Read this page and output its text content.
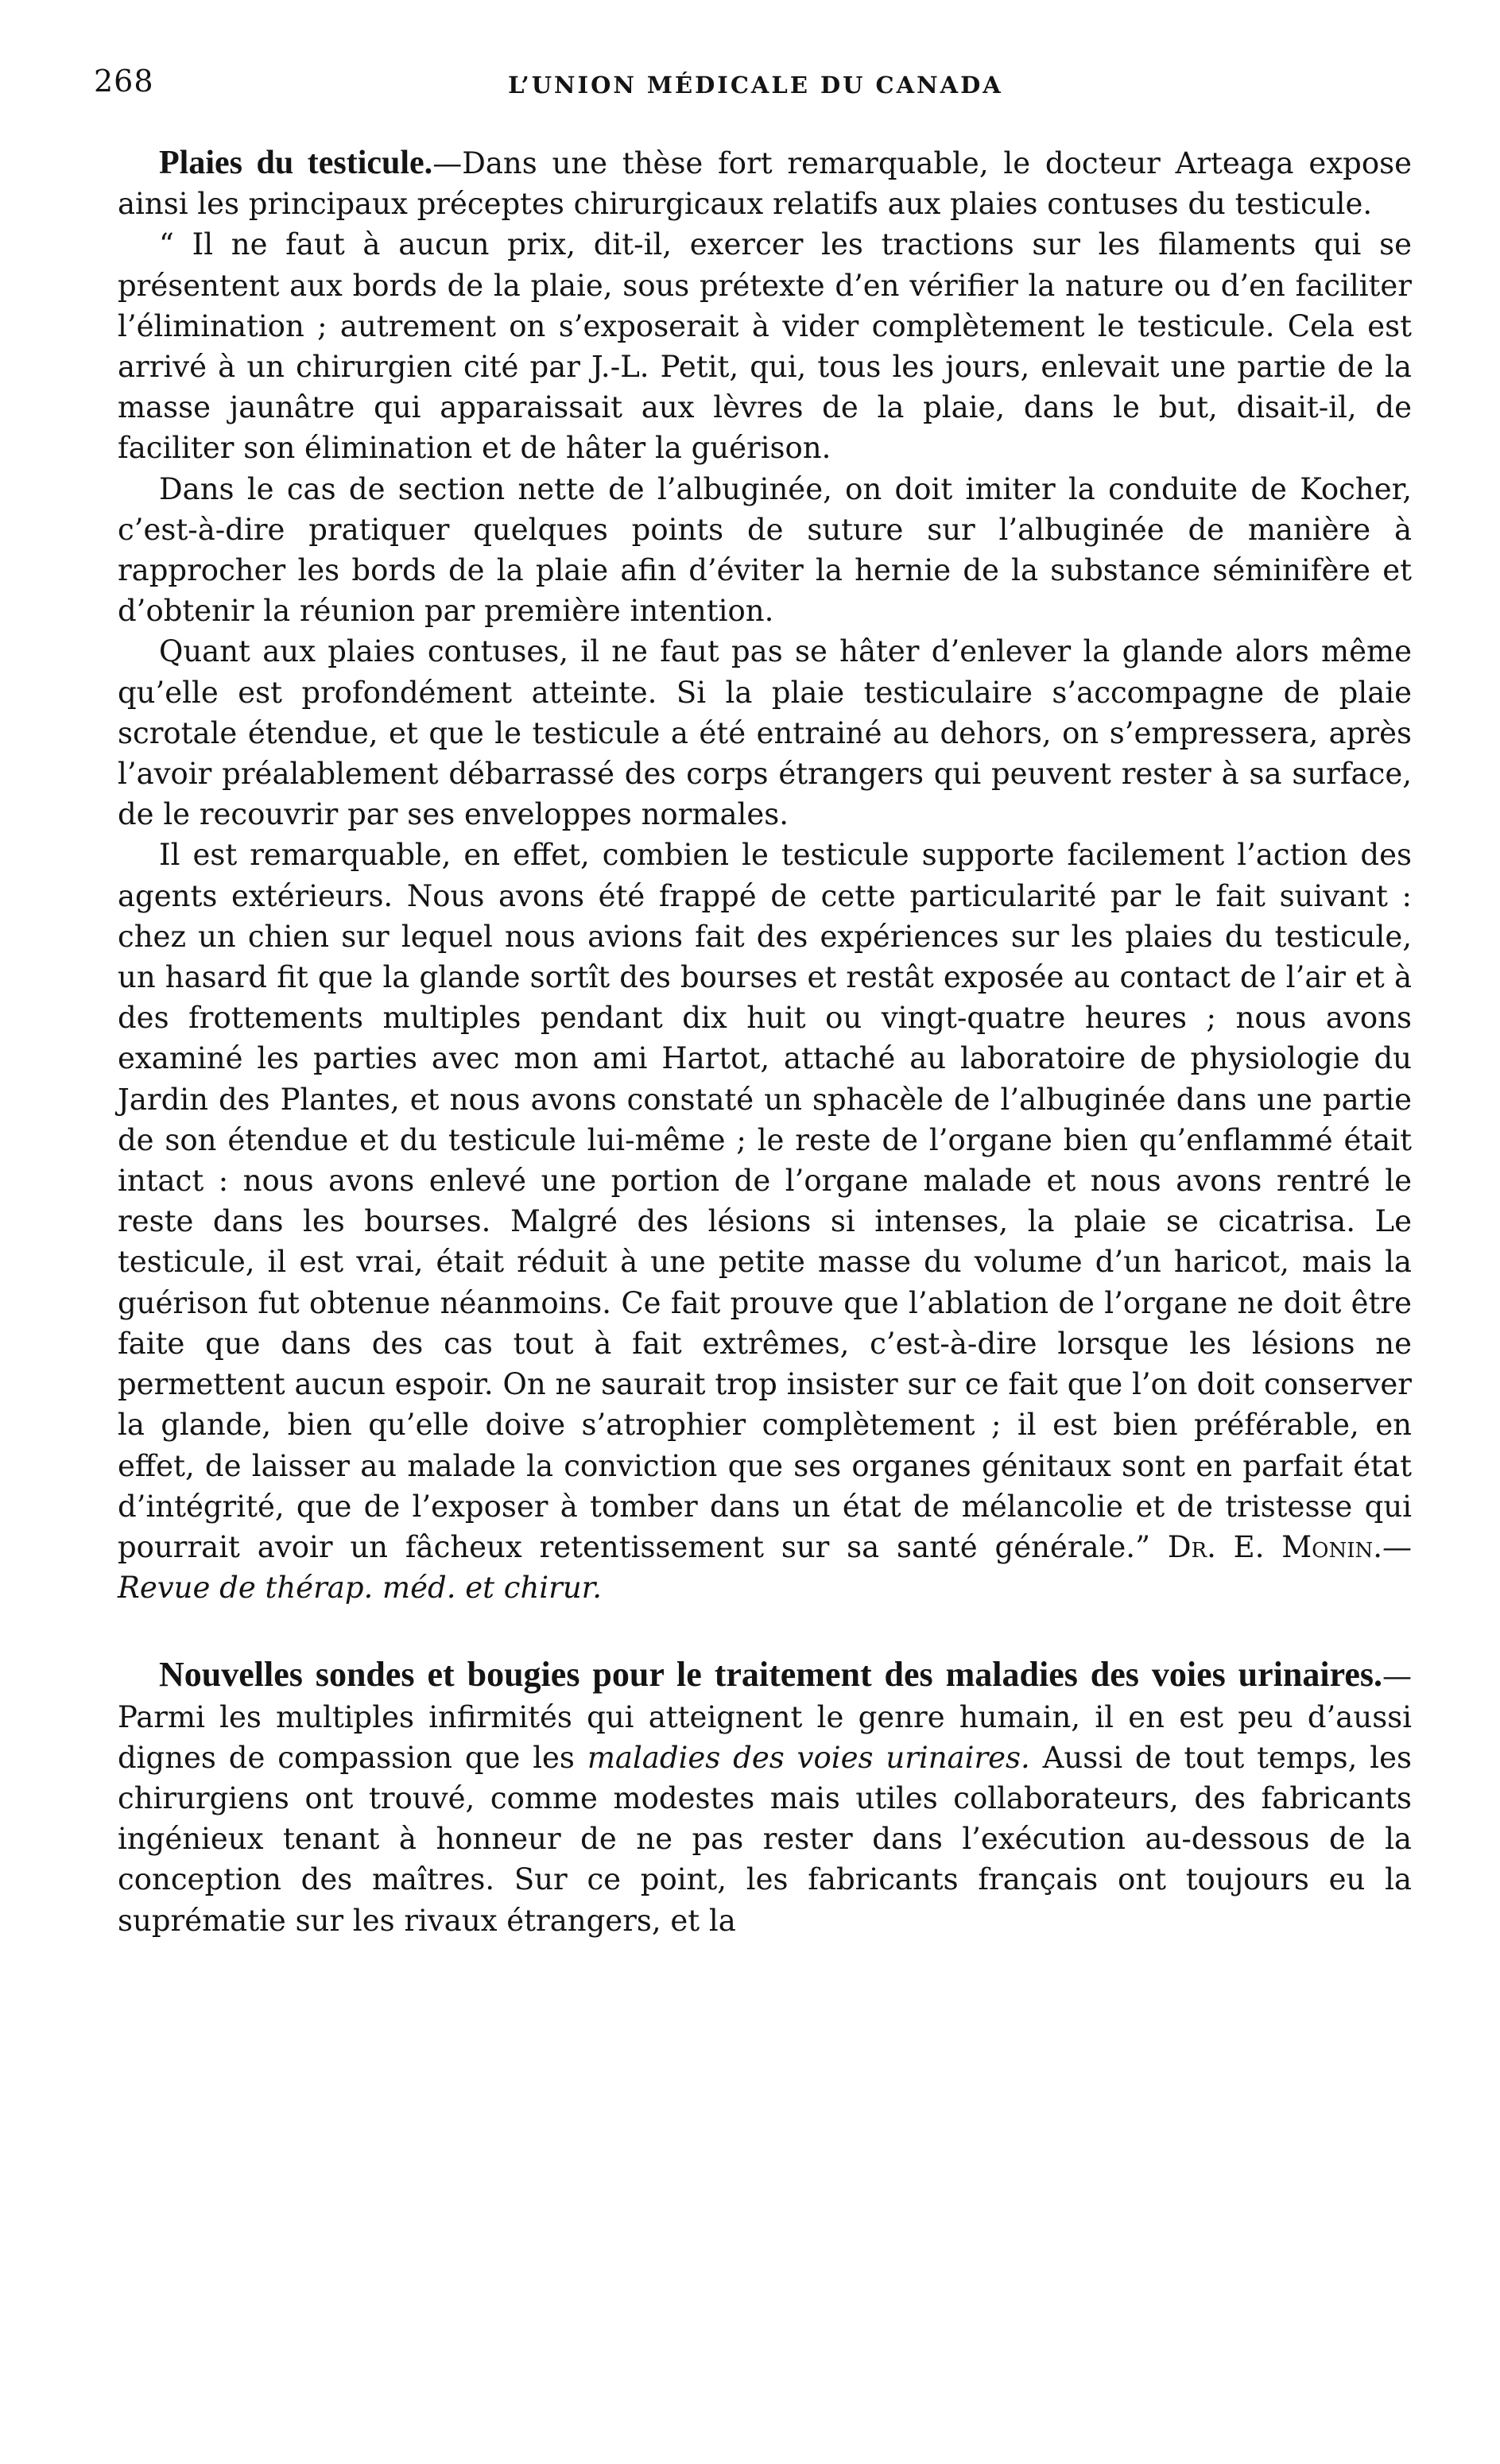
268	L’UNION MÉDICALE DU CANADA

Plaies du testicule.—Dans une thèse fort remarquable, le docteur Arteaga expose ainsi les principaux préceptes chirurgicaux relatifs aux plaies contuses du testicule.

“ Il ne faut à aucun prix, dit-il, exercer les tractions sur les filaments qui se présentent aux bords de la plaie, sous prétexte d’en vérifier la nature ou d’en faciliter l’élimination ; autrement on s’exposerait à vider complètement le testicule. Cela est arrivé à un chirurgien cité par J.-L. Petit, qui, tous les jours, enlevait une partie de la masse jaunâtre qui apparaissait aux lèvres de la plaie, dans le but, disait-il, de faciliter son élimination et de hâter la guérison.

Dans le cas de section nette de l’albuginée, on doit imiter la conduite de Kocher, c’est-à-dire pratiquer quelques points de suture sur l’albuginée de manière à rapprocher les bords de la plaie afin d’éviter la hernie de la substance séminifère et d’obtenir la réunion par première intention.

Quant aux plaies contuses, il ne faut pas se hâter d’enlever la glande alors même qu’elle est profondément atteinte. Si la plaie testiculaire s’accompagne de plaie scrotale étendue, et que le testicule a été entrainé au dehors, on s’empressera, après l’avoir préalablement débarrassé des corps étrangers qui peuvent rester à sa surface, de le recouvrir par ses enveloppes normales.

Il est remarquable, en effet, combien le testicule supporte facilement l’action des agents extérieurs. Nous avons été frappé de cette particularité par le fait suivant : chez un chien sur lequel nous avions fait des expériences sur les plaies du testicule, un hasard fit que la glande sortît des bourses et restât exposée au contact de l’air et à des frottements multiples pendant dix huit ou vingt-quatre heures ; nous avons examiné les parties avec mon ami Hartot, attaché au laboratoire de physiologie du Jardin des Plantes, et nous avons constaté un sphacèle de l’albuginée dans une partie de son étendue et du testicule lui-même ; le reste de l’organe bien qu’enflammé était intact : nous avons enlevé une portion de l’organe malade et nous avons rentré le reste dans les bourses. Malgré des lésions si intenses, la plaie se cicatrisa. Le testicule, il est vrai, était réduit à une petite masse du volume d’un haricot, mais la guérison fut obtenue néanmoins. Ce fait prouve que l’ablation de l’organe ne doit être faite que dans des cas tout à fait extrêmes, c’est-à-dire lorsque les lésions ne permettent aucun espoir. On ne saurait trop insister sur ce fait que l’on doit conserver la glande, bien qu’elle doive s’atrophier complètement ; il est bien préférable, en effet, de laisser au malade la conviction que ses organes génitaux sont en parfait état d’intégrité, que de l’exposer à tomber dans un état de mélancolie et de tristesse qui pourrait avoir un fâcheux retentissement sur sa santé générale.” Dr. E. Monin.—Revue de thérap. méd. et chirur.

Nouvelles sondes et bougies pour le traitement des maladies des voies urinaires.—Parmi les multiples infirmités qui atteignent le genre humain, il en est peu d’aussi dignes de compassion que les maladies des voies urinaires. Aussi de tout temps, les chirurgiens ont trouvé, comme modestes mais utiles collaborateurs, des fabricants ingénieux tenant à honneur de ne pas rester dans l’exécution au-dessous de la conception des maîtres. Sur ce point, les fabricants français ont toujours eu la suprématie sur les rivaux étrangers, et la
